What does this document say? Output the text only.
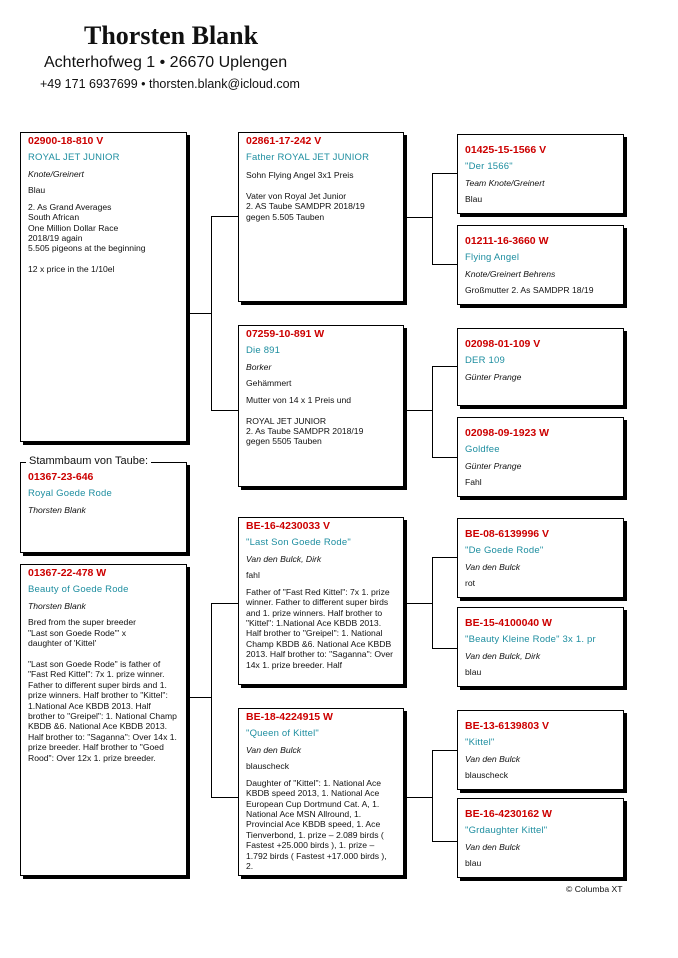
Thorsten Blank
Achterhofweg 1 • 26670 Uplengen
+49 171 6937699 • thorsten.blank@icloud.com
02900-18-810 V
ROYAL JET JUNIOR
Knote/Greinert
Blau
2. As Grand Averages
South African
One Million Dollar Race
2018/19 again
5.505 pigeons at the beginning

12 x price in the 1/10el
01367-23-646
Royal Goede Rode
Thorsten Blank
Stammbaum von Taube:
01367-22-478 W
Beauty of Goede Rode
Thorsten Blank
Bred from the super breeder
"Last son Goede Rode"' x
daughter of 'Kittel'

"Last son Goede Rode" is father of "Fast Red Kittel": 7x 1. prize winner. Father to different super birds and 1. prize winners. Half brother to "Kittel": 1.National Ace KBDB 2013. Half brother to "Greipel": 1. National Champ KBDB &6. National Ace KBDB 2013. Half brother to: "Saganna": Over 14x 1. prize breeder. Half brother to "Goed Rood": Over 12x 1. prize breeder.
02861-17-242 V
Father ROYAL JET JUNIOR
Sohn Flying Angel 3x1 Preis

Vater von Royal Jet Junior
2. AS Taube SAMDPR 2018/19
gegen 5.505 Tauben
07259-10-891 W
Die 891
Borker
Gehämmert
Mutter von 14 x 1 Preis und

ROYAL JET JUNIOR
2. As Taube SAMDPR 2018/19
gegen 5505 Tauben
01425-15-1566 V
"Der 1566"
Team Knote/Greinert
Blau
01211-16-3660 W
Flying Angel
Knote/Greinert Behrens
Großmutter 2. As SAMDPR 18/19
02098-01-109 V
DER 109
Günter Prange
02098-09-1923 W
Goldfee
Günter Prange
Fahl
BE-16-4230033 V
"Last Son Goede Rode"
Van den Bulck, Dirk
fahl
Father of "Fast Red Kittel": 7x 1. prize winner. Father to different super birds and 1. prize winners. Half brother to "Kittel": 1.National Ace KBDB 2013. Half brother to "Greipel": 1. National Champ KBDB &6. National Ace KBDB 2013. Half brother to: "Saganna": Over 14x 1. prize breeder. Half
BE-18-4224915 W
"Queen of Kittel"
Van den Bulck
blauscheck
Daughter of "Kittel": 1. National Ace KBDB speed 2013, 1. National Ace European Cup Dortmund Cat. A, 1. National Ace MSN Allround, 1. Provincial Ace KBDB speed, 1. Ace Tienverbond, 1. prize – 2.089 birds ( Fastest +25.000 birds ), 1. prize – 1.792 birds ( Fastest +17.000 birds ), 2.
BE-08-6139996 V
"De Goede Rode"
Van den Bulck
rot
BE-15-4100040 W
"Beauty Kleine Rode" 3x 1. pr
Van den Bulck, Dirk
blau
BE-13-6139803 V
"Kittel"
Van den Bulck
blauscheck
BE-16-4230162 W
"Grdaughter Kittel"
Van den Bulck
blau
© Columba XT
